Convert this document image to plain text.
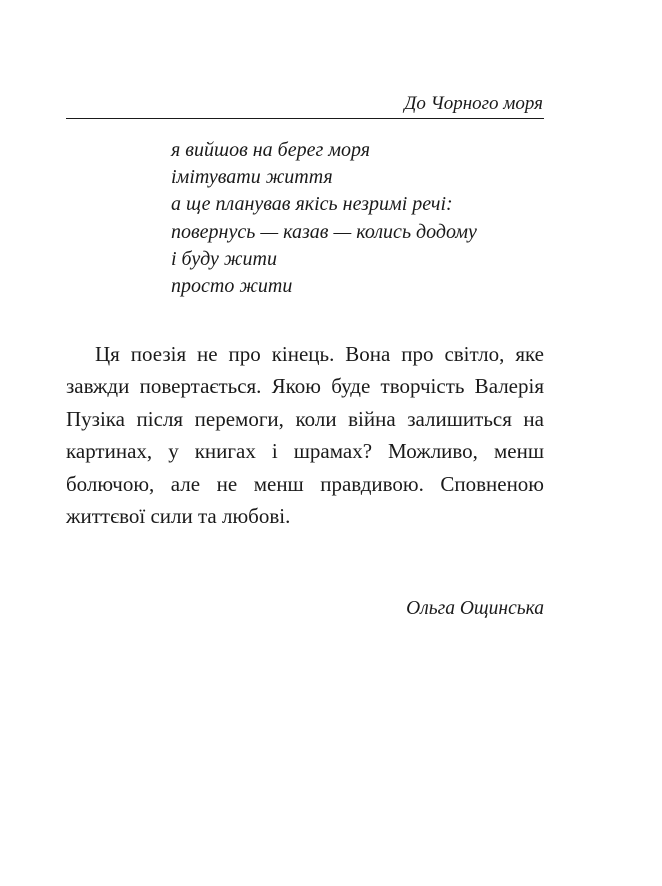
До Чорного моря
я вийшов на берег моря
імітувати життя
а ще планував якісь незримі речі:
повернусь — казав — колись додому
і буду жити
просто жити

Ця поезія не про кінець. Вона про світло, яке завжди повертається. Якою буде творчість Валерія Пузіка після перемоги, коли війна залишиться на картинах, у книгах і шрамах? Можливо, менш болючою, але не менш правдивою. Сповненою життєвої сили та любові.

Ольга Ощинська
